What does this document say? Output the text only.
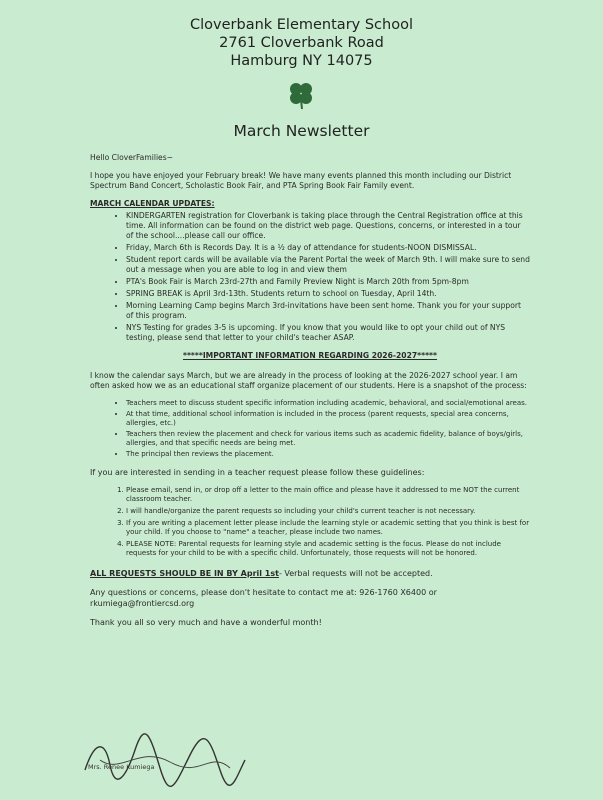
Cloverbank Elementary School
2761 Cloverbank Road
Hamburg NY 14075
March Newsletter

Hello CloverFamilies~

I hope you have enjoyed your February break! We have many events planned this month including our District Spectrum Band Concert, Scholastic Book Fair, and PTA Spring Book Fair Family event.

MARCH CALENDAR UPDATES:
• KINDERGARTEN registration for Cloverbank is taking place through the Central Registration office at this time. All information can be found on the district web page. Questions, concerns, or interested in a tour of the school....please call our office.
• Friday, March 6th is Records Day. It is a ½ day of attendance for students-NOON DISMISSAL.
• Student report cards will be available via the Parent Portal the week of March 9th. I will make sure to send out a message when you are able to log in and view them
• PTA's Book Fair is March 23rd-27th and Family Preview Night is March 20th from 5pm-8pm
• SPRING BREAK is April 3rd-13th. Students return to school on Tuesday, April 14th.
• Morning Learning Camp begins March 3rd-invitations have been sent home. Thank you for your support of this program.
• NYS Testing for grades 3-5 is upcoming. If you know that you would like to opt your child out of NYS testing, please send that letter to your child's teacher ASAP.
*****IMPORTANT INFORMATION REGARDING 2026-2027*****

I know the calendar says March, but we are already in the process of looking at the 2026-2027 school year. I am often asked how we as an educational staff organize placement of our students. Here is a snapshot of the process:

• Teachers meet to discuss student specific information including academic, behavioral, and social/emotional areas.
• At that time, additional school information is included in the process (parent requests, special area concerns, allergies, etc.)
• Teachers then review the placement and check for various items such as academic fidelity, balance of boys/girls, allergies, and that specific needs are being met.
• The principal then reviews the placement.

If you are interested in sending in a teacher request please follow these guidelines:

1. Please email, send in, or drop off a letter to the main office and please have it addressed to me NOT the current classroom teacher.
2. I will handle/organize the parent requests so including your child's current teacher is not necessary.
3. If you are writing a placement letter please include the learning style or academic setting that you think is best for your child. If you choose to "name" a teacher, please include two names.
4. PLEASE NOTE: Parental requests for learning style and academic setting is the focus. Please do not include requests for your child to be with a specific child. Unfortunately, those requests will not be honored.

ALL REQUESTS SHOULD BE IN BY April 1st- Verbal requests will not be accepted.

Any questions or concerns, please don't hesitate to contact me at: 926-1760 X6400 or rkumiega@frontiercsd.org

Thank you all so very much and have a wonderful month!

Mrs. Renee Kumiega
